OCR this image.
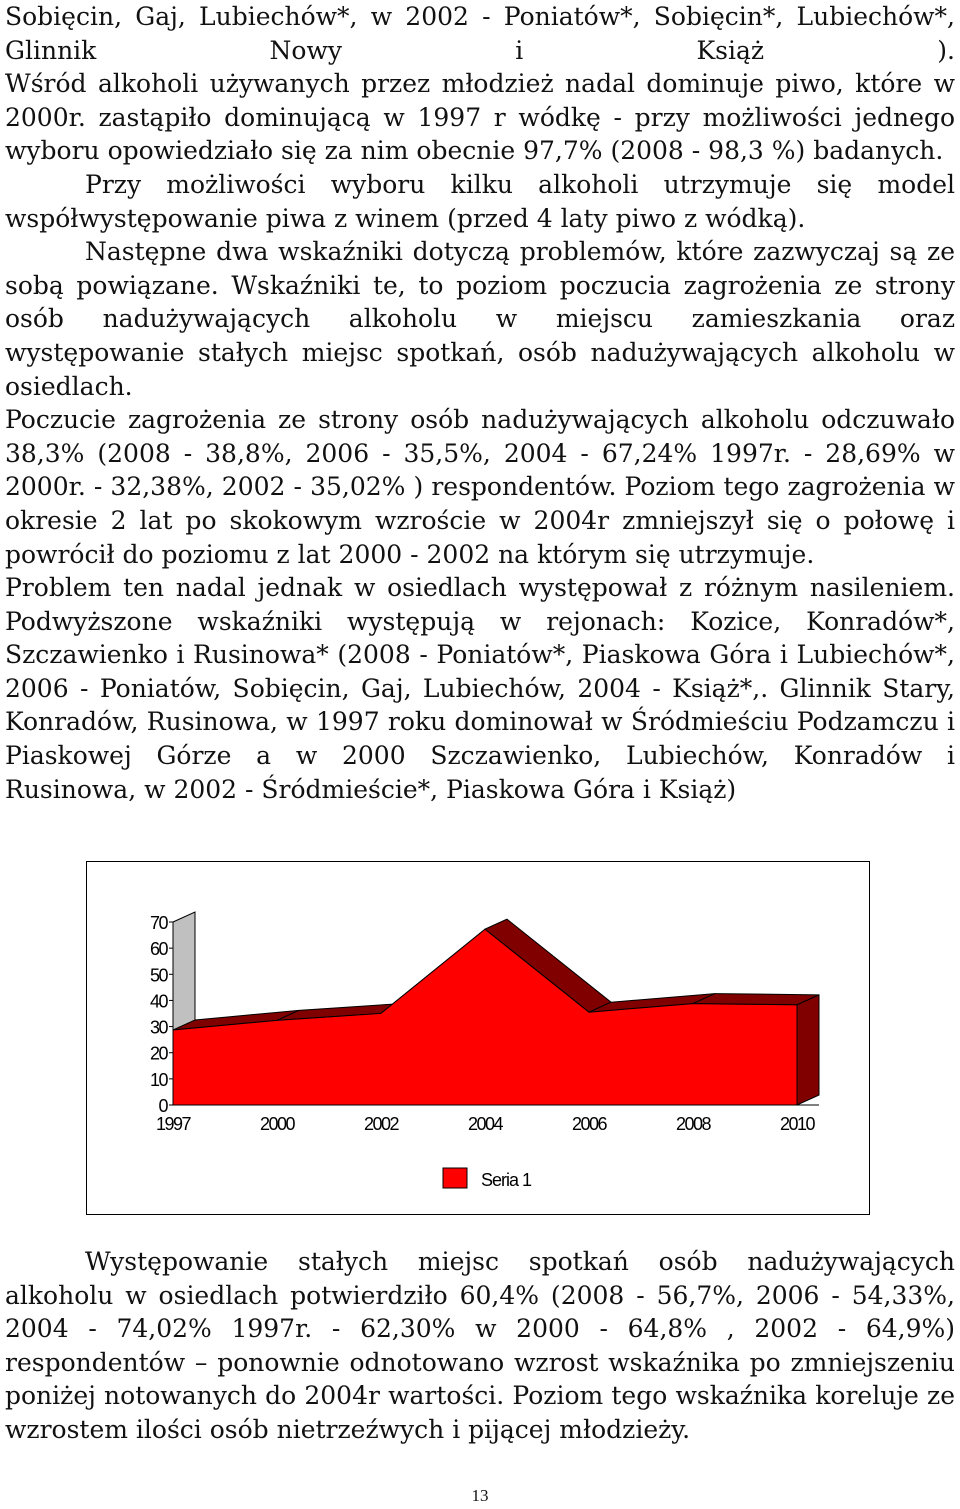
Sobięcin, Gaj, Lubiechów*, w 2002 - Poniatów*, Sobięcin*, Lubiechów*, Glinnik Nowy i Książ ).

Wśród alkoholi używanych przez młodzież nadal dominuje piwo, które w 2000r. zastąpiło dominującą w 1997 r wódkę - przy możliwości jednego wyboru opowiedziało się za nim obecnie 97,7% (2008 - 98,3 %) badanych.

Przy możliwości wyboru kilku alkoholi utrzymuje się model współwystępowanie piwa z winem (przed 4 laty piwo z wódką).

Następne dwa wskaźniki dotyczą problemów, które zazwyczaj są ze sobą powiązane. Wskaźniki te, to poziom poczucia zagrożenia ze strony osób nadużywających alkoholu w miejscu zamieszkania oraz występowanie stałych miejsc spotkań, osób nadużywających alkoholu w osiedlach.

Poczucie zagrożenia ze strony osób nadużywających alkoholu odczuwało 38,3% (2008 - 38,8%, 2006 - 35,5%, 2004 - 67,24% 1997r. - 28,69% w 2000r. - 32,38%, 2002 - 35,02% ) respondentów. Poziom tego zagrożenia w okresie 2 lat po skokowym wzroście w 2004r zmniejszył się o połowę i powrócił do poziomu z lat 2000 - 2002 na którym się utrzymuje.

Problem ten nadal jednak w osiedlach występował z różnym nasileniem. Podwyższone wskaźniki występują w rejonach: Kozice, Konradów*, Szczawienko i Rusinowa* (2008 - Poniatów*, Piaskowa Góra i Lubiechów*, 2006 - Poniatów, Sobięcin, Gaj, Lubiechów, 2004 - Książ*,. Glinnik Stary, Konradów, Rusinowa, w 1997 roku dominował w Śródmieściu Podzamczu i Piaskowej Górze a w 2000 Szczawienko, Lubiechów, Konradów i Rusinowa, w 2002 - Śródmieście*, Piaskowa Góra i Książ)

0
10
20
30
40
50
60
70
1997	2000	2002	2004	2006	2008	2010
Seria 1

Występowanie stałych miejsc spotkań osób nadużywających alkoholu w osiedlach potwierdziło 60,4% (2008 - 56,7%, 2006 - 54,33%, 2004 - 74,02% 1997r. - 62,30% w 2000 - 64,8% , 2002 - 64,9%) respondentów – ponownie odnotowano wzrost wskaźnika po zmniejszeniu poniżej notowanych do 2004r wartości. Poziom tego wskaźnika koreluje ze wzrostem ilości osób nietrzeźwych i pijącej młodzieży.

13
